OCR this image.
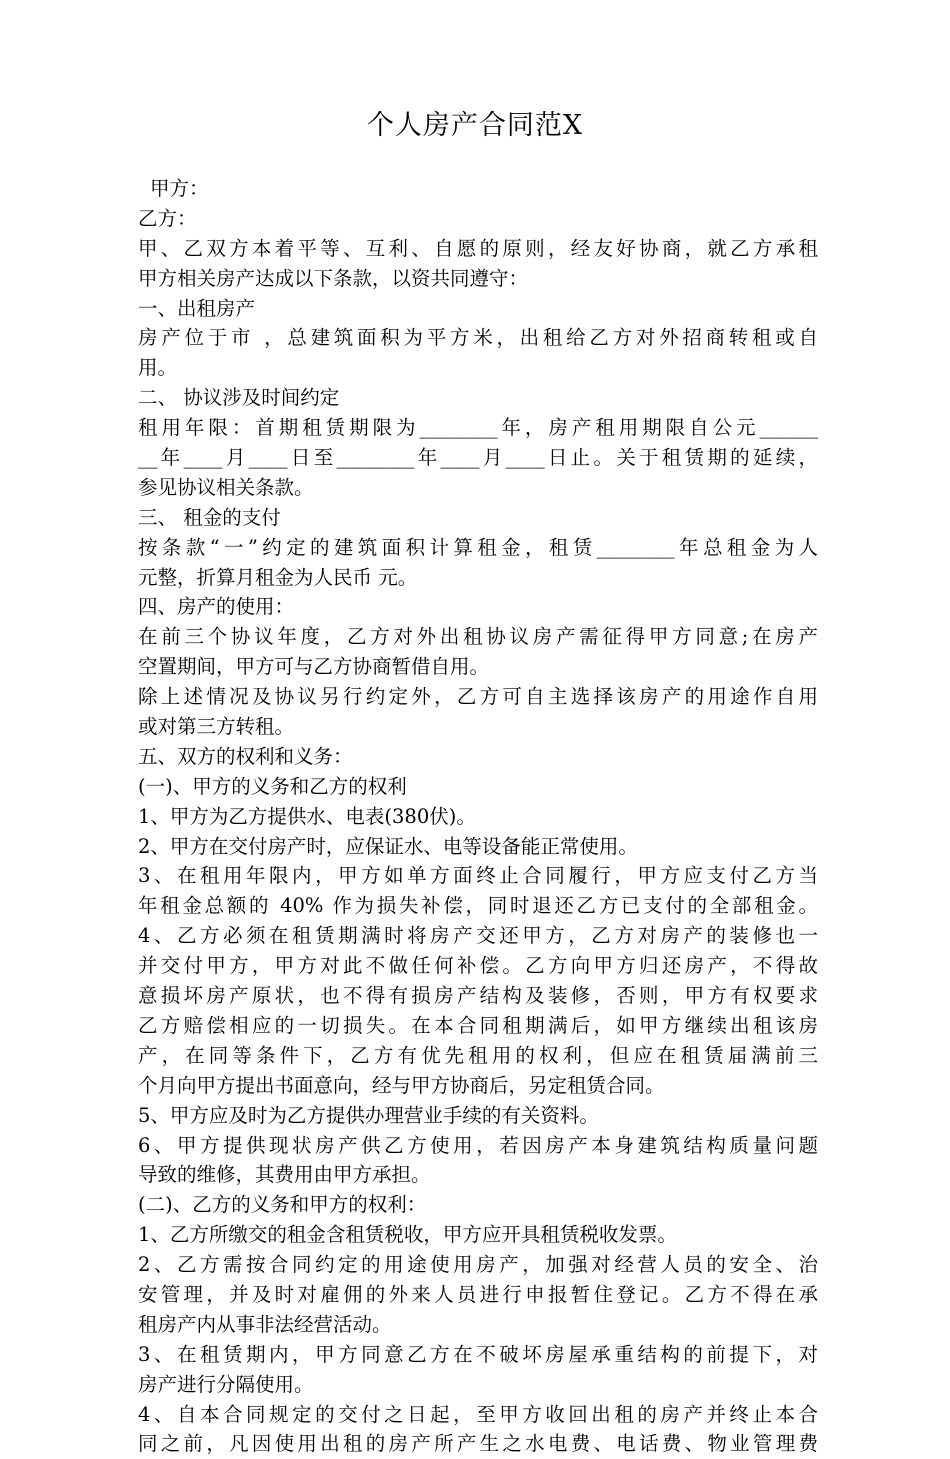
个人房产合同范X
甲方：
乙方：
甲、乙双方本着平等、互利、自愿的原则，经友好协商，就乙方承租
甲方相关房产达成以下条款，以资共同遵守：
一、出租房产
房产位于市 ，总建筑面积为平方米，出租给乙方对外招商转租或自
用。
二、 协议涉及时间约定
租用年限：首期租赁期限为________年，房产租用期限自公元______
__年____月____日至________年____月____日止。关于租赁期的延续，
参见协议相关条款。
三、 租金的支付
按条款“一”约定的建筑面积计算租金，租赁________年总租金为人
元整，折算月租金为人民币 元。
四、房产的使用：
在前三个协议年度，乙方对外出租协议房产需征得甲方同意;在房产
空置期间，甲方可与乙方协商暂借自用。
除上述情况及协议另行约定外，乙方可自主选择该房产的用途作自用
或对第三方转租。
五、双方的权利和义务：
(一)、甲方的义务和乙方的权利
1、甲方为乙方提供水、电表(380伏)。
2、甲方在交付房产时，应保证水、电等设备能正常使用。
3、在租用年限内，甲方如单方面终止合同履行，甲方应支付乙方当
年租金总额的 40% 作为损失补偿，同时退还乙方已支付的全部租金。
4、乙方必须在租赁期满时将房产交还甲方，乙方对房产的装修也一
并交付甲方，甲方对此不做任何补偿。乙方向甲方归还房产，不得故
意损坏房产原状，也不得有损房产结构及装修，否则，甲方有权要求
乙方赔偿相应的一切损失。在本合同租期满后，如甲方继续出租该房
产，在同等条件下，乙方有优先租用的权利，但应在租赁届满前三
个月向甲方提出书面意向，经与甲方协商后，另定租赁合同。
5、甲方应及时为乙方提供办理营业手续的有关资料。
6、甲方提供现状房产供乙方使用，若因房产本身建筑结构质量问题
导致的维修，其费用由甲方承担。
(二)、乙方的义务和甲方的权利：
1、乙方所缴交的租金含租赁税收，甲方应开具租赁税收发票。
2、乙方需按合同约定的用途使用房产，加强对经营人员的安全、治
安管理，并及时对雇佣的外来人员进行申报暂住登记。乙方不得在承
租房产内从事非法经营活动。
3、在租赁期内，甲方同意乙方在不破坏房屋承重结构的前提下，对
房产进行分隔使用。
4、自本合同规定的交付之日起，至甲方收回出租的房产并终止本合
同之前，凡因使用出租的房产所产生之水电费、电话费、物业管理费
